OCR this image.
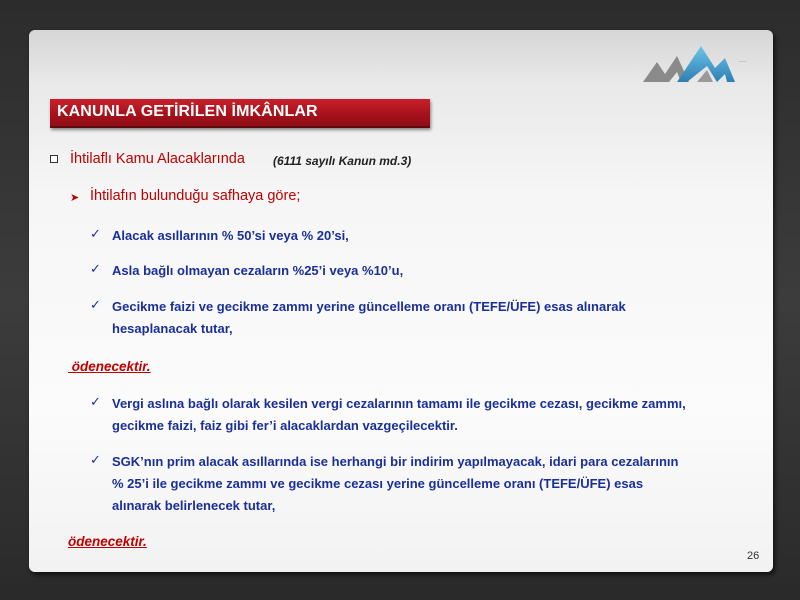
...
KANUNLA GETİRİLEN İMKÂNLAR
İhtilaflı Kamu Alacaklarında (6111 sayılı Kanun md.3)
➤ İhtilafın bulunduğu safhaya göre;
✓ Alacak asıllarının % 50’si veya % 20’si,
✓ Asla bağlı olmayan cezaların %25’i veya %10’u,
✓ Gecikme faizi ve gecikme zammı yerine güncelleme oranı (TEFE/ÜFE) esas alınarak
hesaplanacak tutar,
ödenecektir.
✓ Vergi aslına bağlı olarak kesilen vergi cezalarının tamamı ile gecikme cezası, gecikme zammı,
gecikme faizi, faiz gibi fer’i alacaklardan vazgeçilecektir.
✓ SGK’nın prim alacak asıllarında ise herhangi bir indirim yapılmayacak, idari para cezalarının
% 25’i ile gecikme zammı ve gecikme cezası yerine güncelleme oranı (TEFE/ÜFE) esas
alınarak belirlenecek tutar,
ödenecektir.
26
